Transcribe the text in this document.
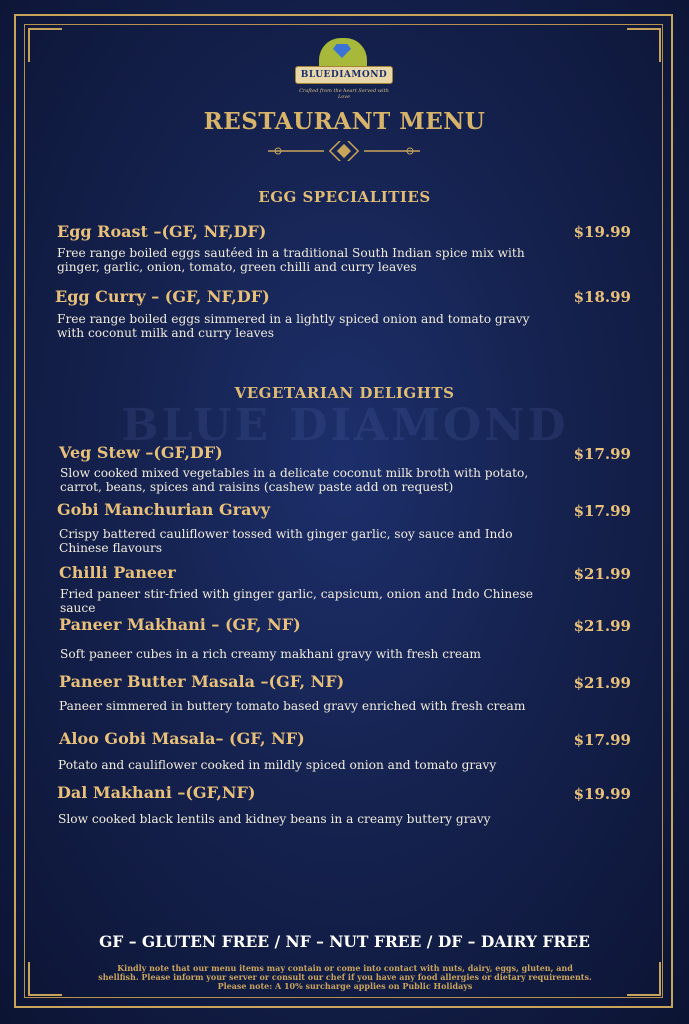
BLUE DIAMOND
BLUEDIAMOND
Crafted from the heart Served with Love
RESTAURANT MENU
EGG SPECIALITIES
Egg Roast –(GF, NF,DF)	$19.99
Free range boiled eggs sautéed in a traditional South Indian spice mix with ginger, garlic, onion, tomato, green chilli and curry leaves
Egg Curry – (GF, NF,DF)	$18.99
Free range boiled eggs simmered in a lightly spiced onion and tomato gravy with coconut milk and curry leaves
VEGETARIAN DELIGHTS
Veg Stew –(GF,DF)	$17.99
Slow cooked mixed vegetables in a delicate coconut milk broth with potato, carrot, beans, spices and raisins (cashew paste add on request)
Gobi Manchurian Gravy	$17.99
Crispy battered cauliflower tossed with ginger garlic, soy sauce and Indo Chinese flavours
Chilli Paneer	$21.99
Fried paneer stir-fried with ginger garlic, capsicum, onion and Indo Chinese sauce
Paneer Makhani – (GF, NF)	$21.99
Soft paneer cubes in a rich creamy makhani gravy with fresh cream
Paneer Butter Masala –(GF, NF)	$21.99
Paneer simmered in buttery tomato based gravy enriched with fresh cream
Aloo Gobi Masala– (GF, NF)	$17.99
Potato and cauliflower cooked in mildly spiced onion and tomato gravy
Dal Makhani –(GF,NF)	$19.99
Slow cooked black lentils and kidney beans in a creamy buttery gravy
GF – GLUTEN FREE / NF – NUT FREE / DF – DAIRY FREE
Kindly note that our menu items may contain or come into contact with nuts, dairy, eggs, gluten, and
shellfish. Please inform your server or consult our chef if you have any food allergies or dietary requirements.
Please note: A 10% surcharge applies on Public Holidays
